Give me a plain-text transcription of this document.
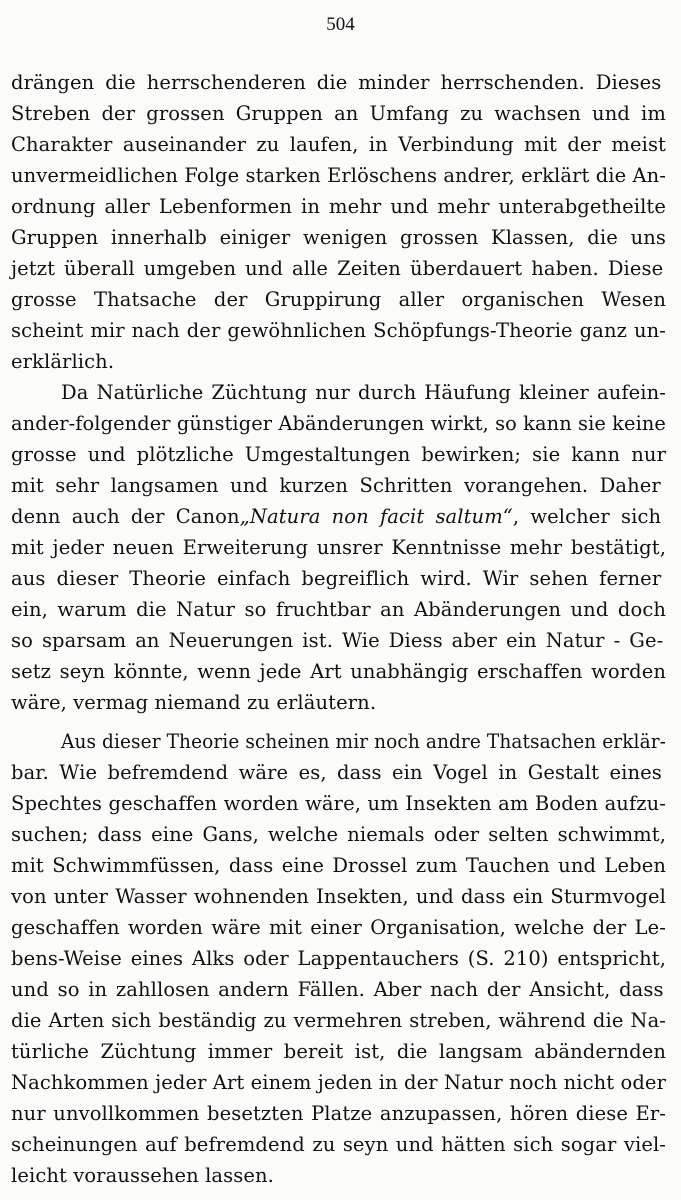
504
drängen die herrschenderen die minder herrschenden. Dieses
Streben der grossen Gruppen an Umfang zu wachsen und im
Charakter auseinander zu laufen, in Verbindung mit der meist
unvermeidlichen Folge starken Erlöschens andrer, erklärt die An-
ordnung aller Lebenformen in mehr und mehr unterabgetheilte
Gruppen innerhalb einiger wenigen grossen Klassen, die uns
jetzt überall umgeben und alle Zeiten überdauert haben. Diese
grosse Thatsache der Gruppirung aller organischen Wesen
scheint mir nach der gewöhnlichen Schöpfungs-Theorie ganz un-
erklärlich.
Da Natürliche Züchtung nur durch Häufung kleiner aufein-
ander-folgender günstiger Abänderungen wirkt, so kann sie keine
grosse und plötzliche Umgestaltungen bewirken; sie kann nur
mit sehr langsamen und kurzen Schritten vorangehen. Daher
denn auch der Canon „Natura non facit saltum“ , welcher sich
mit jeder neuen Erweiterung unsrer Kenntnisse mehr bestätigt,
aus dieser Theorie einfach begreiflich wird. Wir sehen ferner
ein, warum die Natur so fruchtbar an Abänderungen und doch
so sparsam an Neuerungen ist. Wie Diess aber ein Natur - Ge-
setz seyn könnte, wenn jede Art unabhängig erschaffen worden
wäre, vermag niemand zu erläutern.
Aus dieser Theorie scheinen mir noch andre Thatsachen erklär-
bar. Wie befremdend wäre es, dass ein Vogel in Gestalt eines
Spechtes geschaffen worden wäre, um Insekten am Boden aufzu-
suchen; dass eine Gans, welche niemals oder selten schwimmt,
mit Schwimmfüssen, dass eine Drossel zum Tauchen und Leben
von unter Wasser wohnenden Insekten, und dass ein Sturmvogel
geschaffen worden wäre mit einer Organisation, welche der Le-
bens-Weise eines Alks oder Lappentauchers (S. 210) entspricht,
und so in zahllosen andern Fällen. Aber nach der Ansicht, dass
die Arten sich beständig zu vermehren streben, während die Na-
türliche Züchtung immer bereit ist, die langsam abändernden
Nachkommen jeder Art einem jeden in der Natur noch nicht oder
nur unvollkommen besetzten Platze anzupassen, hören diese Er-
scheinungen auf befremdend zu seyn und hätten sich sogar viel-
leicht voraussehen lassen.
